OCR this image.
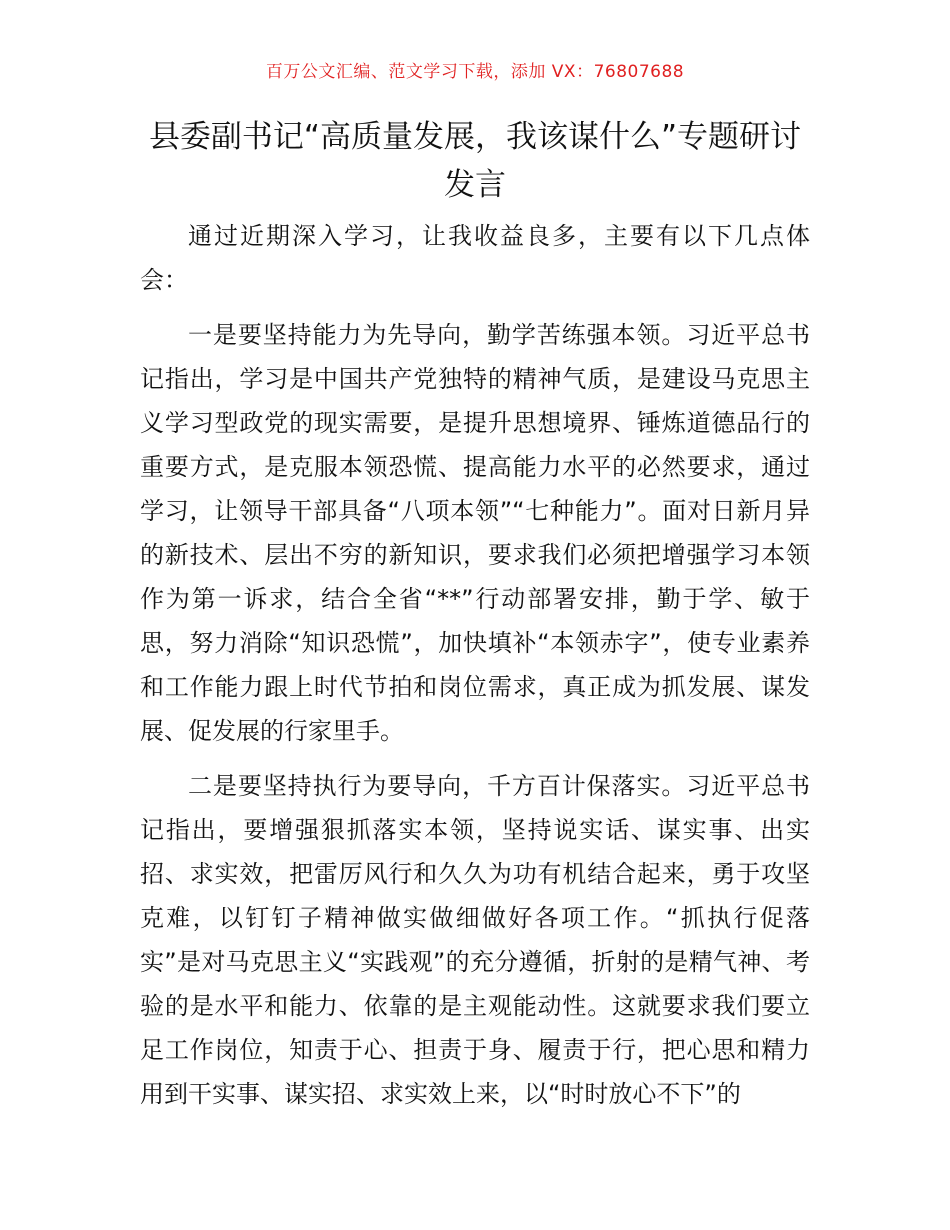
百万公文汇编、范文学习下载，添加 VX：76807688
县委副书记“高质量发展，我该谋什么”专题研讨发言

通过近期深入学习，让我收益良多，主要有以下几点体会：

一是要坚持能力为先导向，勤学苦练强本领。习近平总书记指出，学习是中国共产党独特的精神气质，是建设马克思主义学习型政党的现实需要，是提升思想境界、锤炼道德品行的重要方式，是克服本领恐慌、提高能力水平的必然要求，通过学习，让领导干部具备“八项本领”“七种能力”。面对日新月异的新技术、层出不穷的新知识，要求我们必须把增强学习本领作为第一诉求，结合全省“**”行动部署安排，勤于学、敏于思，努力消除“知识恐慌”，加快填补“本领赤字”，使专业素养和工作能力跟上时代节拍和岗位需求，真正成为抓发展、谋发展、促发展的行家里手。

二是要坚持执行为要导向，千方百计保落实。习近平总书记指出，要增强狠抓落实本领，坚持说实话、谋实事、出实招、求实效，把雷厉风行和久久为功有机结合起来，勇于攻坚克难，以钉钉子精神做实做细做好各项工作。“抓执行促落实”是对马克思主义“实践观”的充分遵循，折射的是精气神、考验的是水平和能力、依靠的是主观能动性。这就要求我们要立足工作岗位，知责于心、担责于身、履责于行，把心思和精力用到干实事、谋实招、求实效上来，以“时时放心不下”的
